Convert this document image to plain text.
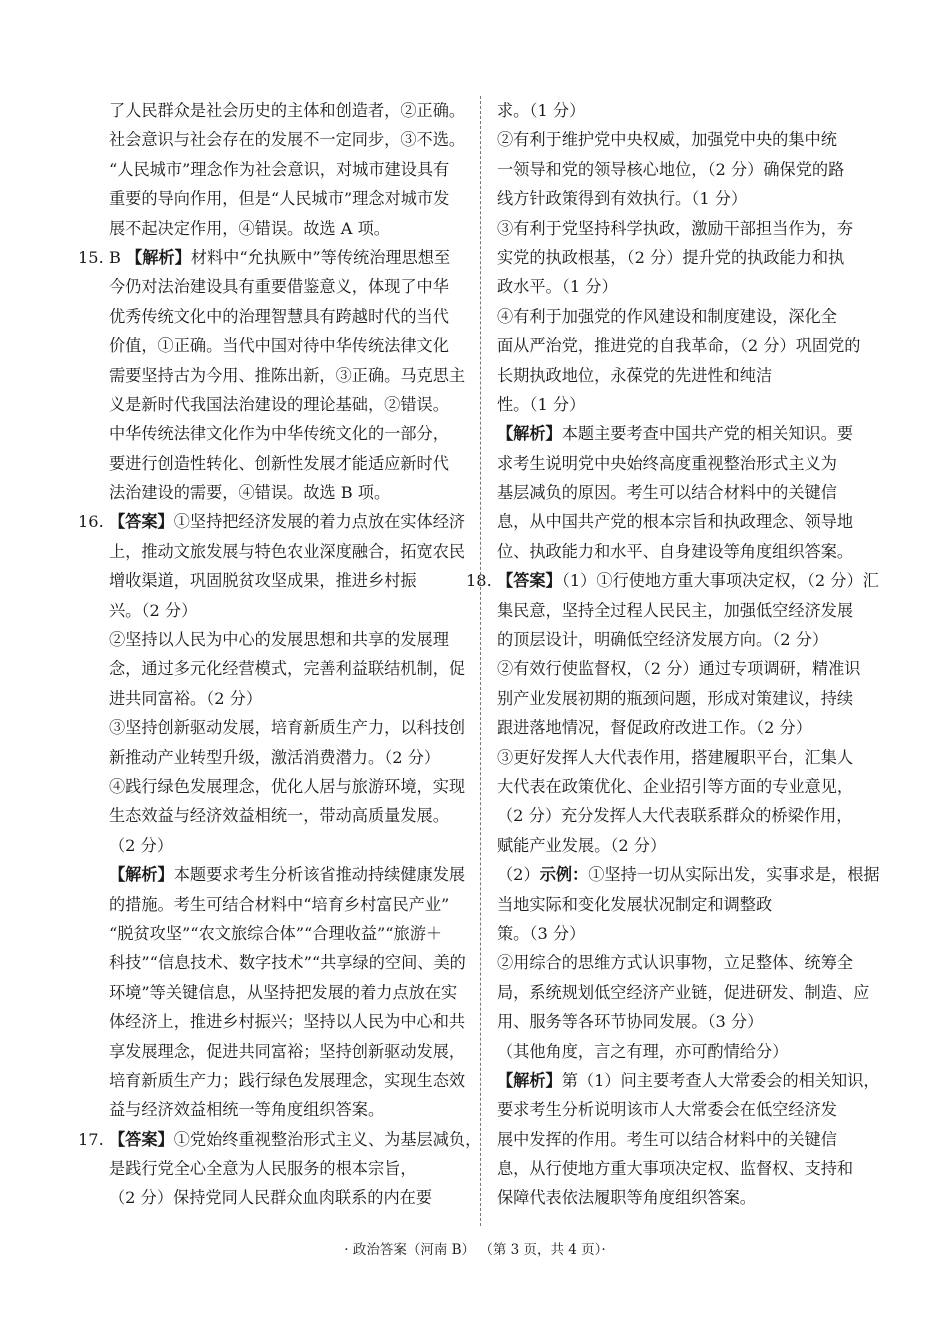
了人民群众是社会历史的主体和创造者，②正确。
社会意识与社会存在的发展不一定同步，③不选。
“人民城市”理念作为社会意识，对城市建设具有
重要的导向作用，但是“人民城市”理念对城市发
展不起决定作用，④错误。故选 A 项。
15. B 【解析】材料中“允执厥中”等传统治理思想至
今仍对法治建设具有重要借鉴意义，体现了中华
优秀传统文化中的治理智慧具有跨越时代的当代
价值，①正确。当代中国对待中华传统法律文化
需要坚持古为今用、推陈出新，③正确。马克思主
义是新时代我国法治建设的理论基础，②错误。
中华传统法律文化作为中华传统文化的一部分，
要进行创造性转化、创新性发展才能适应新时代
法治建设的需要，④错误。故选 B 项。
16. 【答案】①坚持把经济发展的着力点放在实体经济
上，推动文旅发展与特色农业深度融合，拓宽农民
增收渠道，巩固脱贫攻坚成果，推进乡村振
兴。（2 分）
②坚持以人民为中心的发展思想和共享的发展理
念，通过多元化经营模式，完善利益联结机制，促
进共同富裕。（2 分）
③坚持创新驱动发展，培育新质生产力，以科技创
新推动产业转型升级，激活消费潜力。（2 分）
④践行绿色发展理念，优化人居与旅游环境，实现
生态效益与经济效益相统一，带动高质量发展。
（2 分）
【解析】本题要求考生分析该省推动持续健康发展
的措施。考生可结合材料中“培育乡村富民产业”
“脱贫攻坚”“农文旅综合体”“合理收益”“旅游＋
科技”“信息技术、数字技术”“共享绿的空间、美的
环境”等关键信息，从坚持把发展的着力点放在实
体经济上，推进乡村振兴；坚持以人民为中心和共
享发展理念，促进共同富裕；坚持创新驱动发展，
培育新质生产力；践行绿色发展理念，实现生态效
益与经济效益相统一等角度组织答案。
17. 【答案】①党始终重视整治形式主义、为基层减负，
是践行党全心全意为人民服务的根本宗旨，
（2 分）保持党同人民群众血肉联系的内在要
求。（1 分）
②有利于维护党中央权威，加强党中央的集中统
一领导和党的领导核心地位，（2 分）确保党的路
线方针政策得到有效执行。（1 分）
③有利于党坚持科学执政，激励干部担当作为，夯
实党的执政根基，（2 分）提升党的执政能力和执
政水平。（1 分）
④有利于加强党的作风建设和制度建设，深化全
面从严治党，推进党的自我革命，（2 分）巩固党的
长期执政地位，永葆党的先进性和纯洁
性。（1 分）
【解析】本题主要考查中国共产党的相关知识。要
求考生说明党中央始终高度重视整治形式主义为
基层减负的原因。考生可以结合材料中的关键信
息，从中国共产党的根本宗旨和执政理念、领导地
位、执政能力和水平、自身建设等角度组织答案。
18. 【答案】（1）①行使地方重大事项决定权，（2 分）汇
集民意，坚持全过程人民民主，加强低空经济发展
的顶层设计，明确低空经济发展方向。（2 分）
②有效行使监督权，（2 分）通过专项调研，精准识
别产业发展初期的瓶颈问题，形成对策建议，持续
跟进落地情况，督促政府改进工作。（2 分）
③更好发挥人大代表作用，搭建履职平台，汇集人
大代表在政策优化、企业招引等方面的专业意见，
（2 分）充分发挥人大代表联系群众的桥梁作用，
赋能产业发展。（2 分）
（2）示例：①坚持一切从实际出发，实事求是，根据
当地实际和变化发展状况制定和调整政
策。（3 分）
②用综合的思维方式认识事物，立足整体、统筹全
局，系统规划低空经济产业链，促进研发、制造、应
用、服务等各环节协同发展。（3 分）
（其他角度，言之有理，亦可酌情给分）
【解析】第（1）问主要考查人大常委会的相关知识，
要求考生分析说明该市人大常委会在低空经济发
展中发挥的作用。考生可以结合材料中的关键信
息，从行使地方重大事项决定权、监督权、支持和
保障代表依法履职等角度组织答案。
· 政治答案（河南 B） （第 3 页，共 4 页）·
